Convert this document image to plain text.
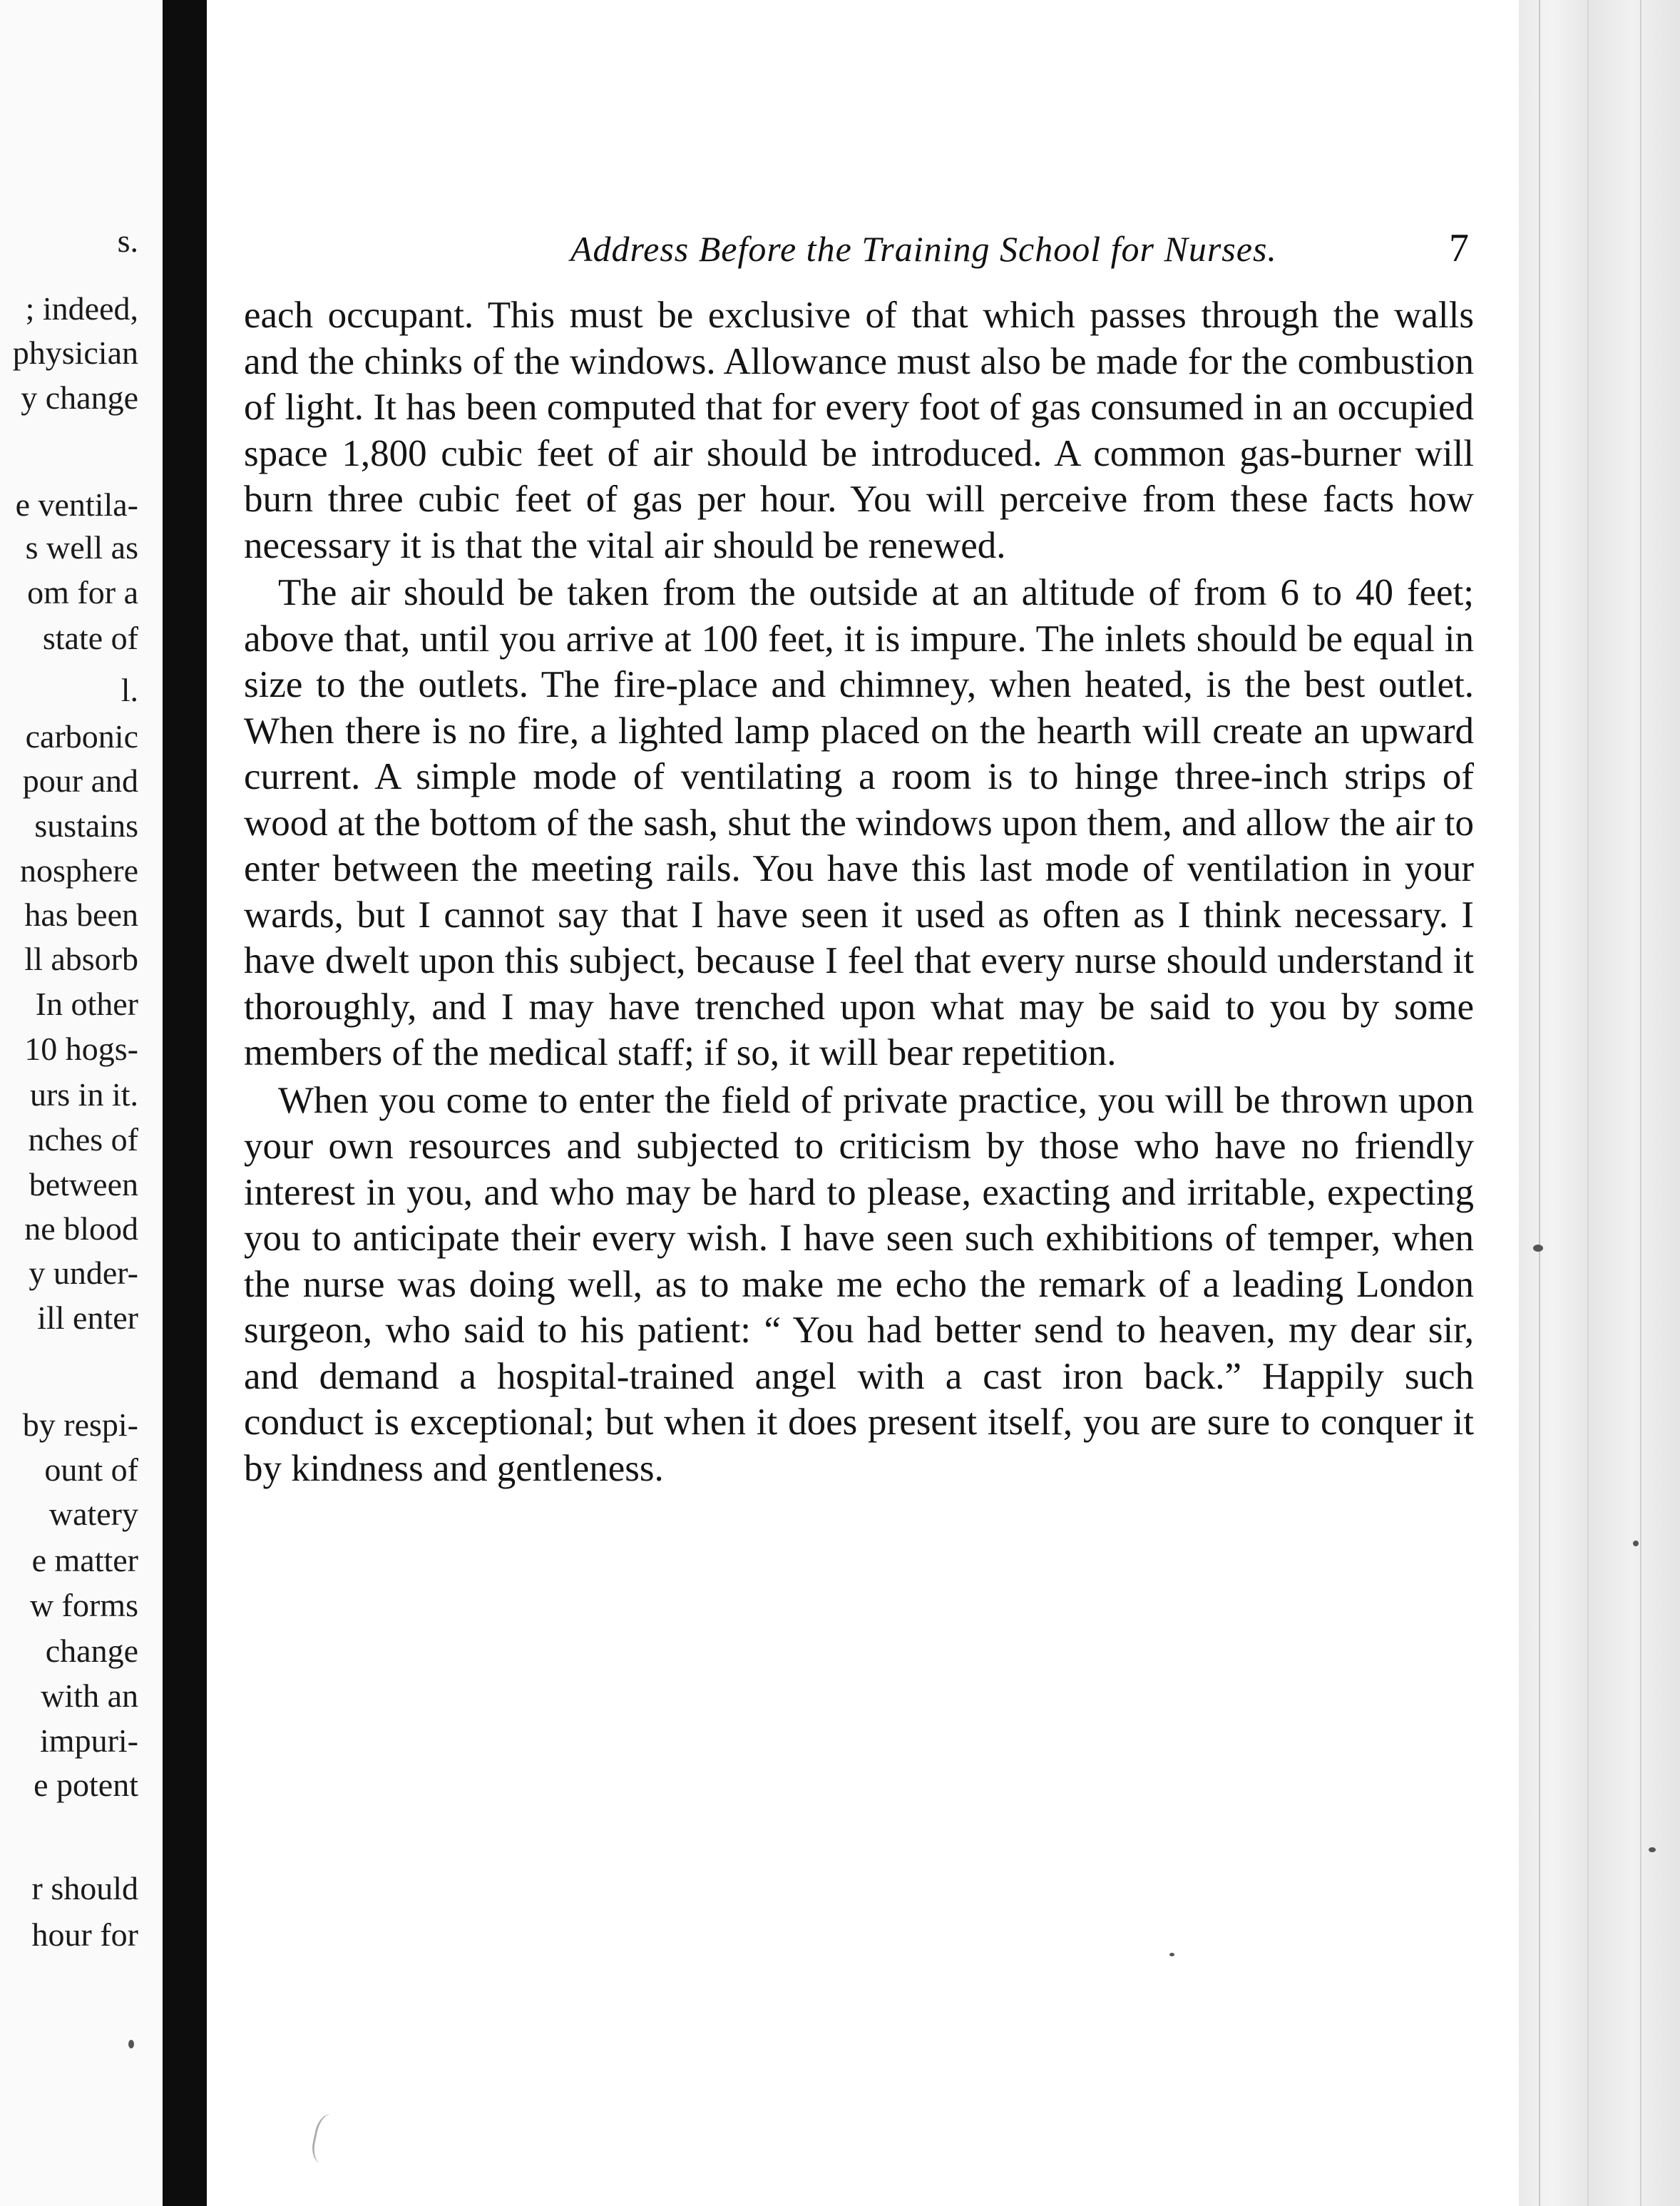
s.
; indeed,
physician
y change
e ventila-
s well as
om for a
state of
l.
carbonic
pour and
sustains
nosphere
has been
ll absorb
In other
10 hogs-
urs in it.
nches of
between
ne blood
y under-
ill enter
by respi-
ount of
watery
e matter
w forms
change
with an
impuri-
e potent
r should
hour for
Address Before the Training School for Nurses.	7

each occupant. This must be exclusive of that which passes through the walls and the chinks of the windows. Allowance must also be made for the combustion of light. It has been computed that for every foot of gas consumed in an occupied space 1,800 cubic feet of air should be introduced. A common gas-burner will burn three cubic feet of gas per hour. You will perceive from these facts how necessary it is that the vital air should be renewed.

The air should be taken from the outside at an altitude of from 6 to 40 feet; above that, until you arrive at 100 feet, it is impure. The inlets should be equal in size to the outlets. The fire-place and chimney, when heated, is the best outlet. When there is no fire, a lighted lamp placed on the hearth will create an upward current. A simple mode of ventilating a room is to hinge three-inch strips of wood at the bottom of the sash, shut the windows upon them, and allow the air to enter between the meeting rails. You have this last mode of ventilation in your wards, but I cannot say that I have seen it used as often as I think necessary. I have dwelt upon this subject, because I feel that every nurse should understand it thoroughly, and I may have trenched upon what may be said to you by some members of the medical staff; if so, it will bear repetition.

When you come to enter the field of private practice, you will be thrown upon your own resources and subjected to criticism by those who have no friendly interest in you, and who may be hard to please, exacting and irritable, expecting you to anticipate their every wish. I have seen such exhibitions of temper, when the nurse was doing well, as to make me echo the remark of a leading London surgeon, who said to his patient: “ You had better send to heaven, my dear sir, and demand a hospital-trained angel with a cast iron back.” Happily such conduct is exceptional; but when it does present itself, you are sure to conquer it by kindness and gentleness.
